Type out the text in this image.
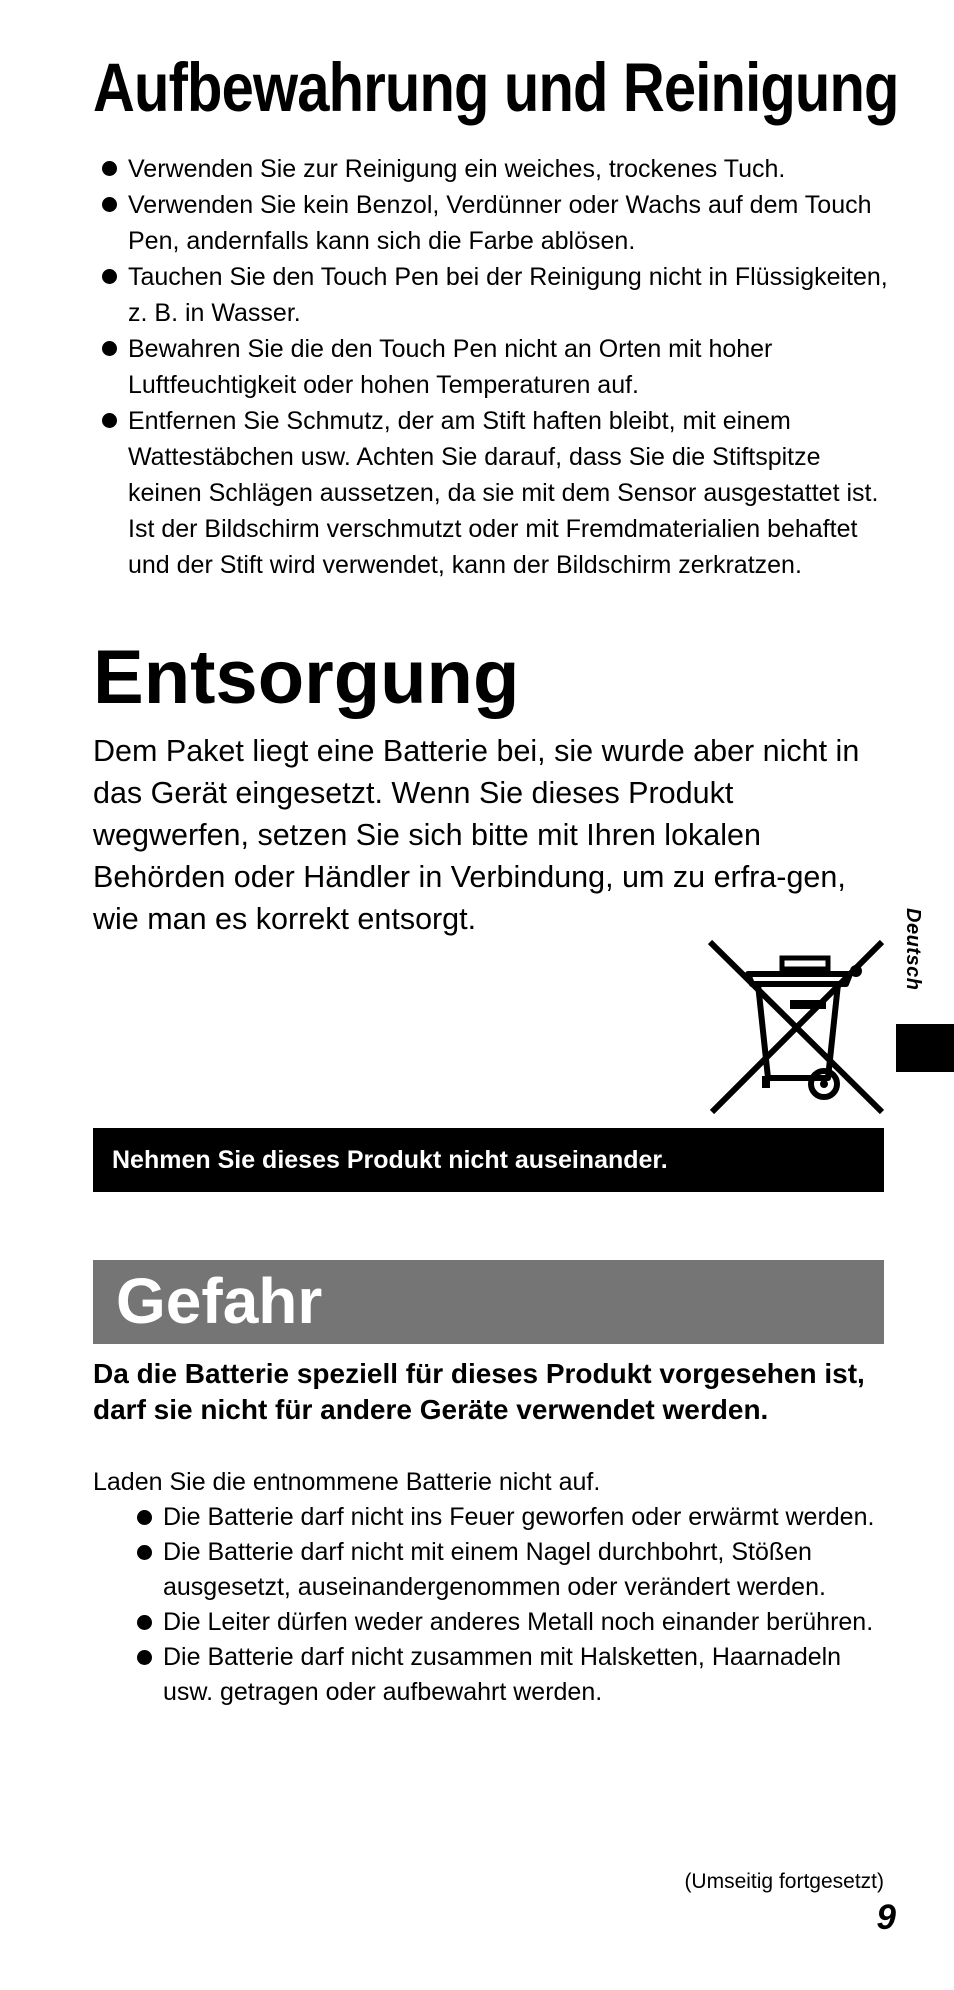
Aufbewahrung und Reinigung
Verwenden Sie zur Reinigung ein weiches, trockenes Tuch.
Verwenden Sie kein Benzol, Verdünner oder Wachs auf dem Touch Pen, andernfalls kann sich die Farbe ablösen.
Tauchen Sie den Touch Pen bei der Reinigung nicht in Flüssigkeiten, z. B. in Wasser.
Bewahren Sie die den Touch Pen nicht an Orten mit hoher Luftfeuchtigkeit oder hohen Temperaturen auf.
Entfernen Sie Schmutz, der am Stift haften bleibt, mit einem Wattestäbchen usw. Achten Sie darauf, dass Sie die Stiftspitze keinen Schlägen aussetzen, da sie mit dem Sensor ausgestattet ist. Ist der Bildschirm verschmutzt oder mit Fremdmaterialien behaftet und der Stift wird verwendet, kann der Bildschirm zerkratzen.
Entsorgung

Dem Paket liegt eine Batterie bei, sie wurde aber nicht in das Gerät eingesetzt. Wenn Sie dieses Produkt wegwerfen, setzen Sie sich bitte mit Ihren lokalen Behörden oder Händler in Verbindung, um zu erfra-gen, wie man es korrekt entsorgt.	Deutsch
Nehmen Sie dieses Produkt nicht auseinander.
Gefahr

Da die Batterie speziell für dieses Produkt vorgesehen ist, darf sie nicht für andere Geräte verwendet werden.

Laden Sie die entnommene Batterie nicht auf.

Die Batterie darf nicht ins Feuer geworfen oder erwärmt werden.
Die Batterie darf nicht mit einem Nagel durchbohrt, Stößen ausgesetzt, auseinandergenommen oder verändert werden.
Die Leiter dürfen weder anderes Metall noch einander berühren.
Die Batterie darf nicht zusammen mit Halsketten, Haarnadeln usw. getragen oder aufbewahrt werden.
(Umseitig fortgesetzt)
9
